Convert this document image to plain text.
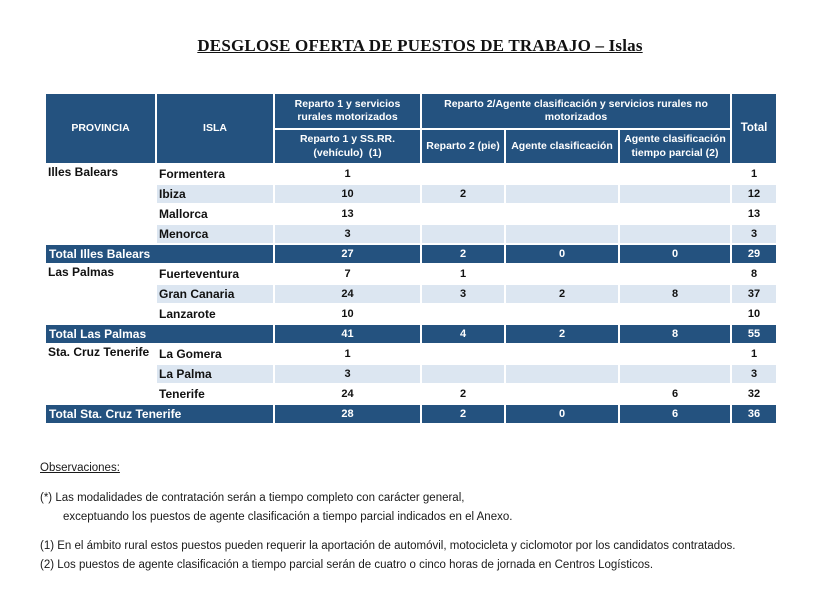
DESGLOSE OFERTA DE PUESTOS DE TRABAJO – Islas
PROVINCIA	ISLA	Reparto 1 y servicios rurales motorizados	Reparto 2/Agente clasificación y servicios rurales no motorizados			Total
		Reparto 1 y SS.RR. (vehículo)  (1)	Reparto 2 (pie)	Agente clasificación	Agente clasificación tiempo parcial (2)	
Illes Balears	Formentera	1				1
	Ibiza	10	2			12
	Mallorca	13				13
	Menorca	3				3
Total Illes Balears		27	2	0	0	29
Las Palmas	Fuerteventura	7	1			8
	Gran Canaria	24	3	2	8	37
	Lanzarote	10				10
Total Las Palmas		41	4	2	8	55
Sta. Cruz Tenerife	La Gomera	1				1
	La Palma	3				3
	Tenerife	24	2		6	32
Total Sta. Cruz Tenerife		28	2	0	6	36
Observaciones:
(*) Las modalidades de contratación serán a tiempo completo con carácter general,
exceptuando los puestos de agente clasificación a tiempo parcial indicados en el Anexo.
(1) En el ámbito rural estos puestos pueden requerir la aportación de automóvil, motocicleta y ciclomotor por los candidatos contratados.
(2) Los puestos de agente clasificación a tiempo parcial serán de cuatro o cinco horas de jornada en Centros Logísticos.
